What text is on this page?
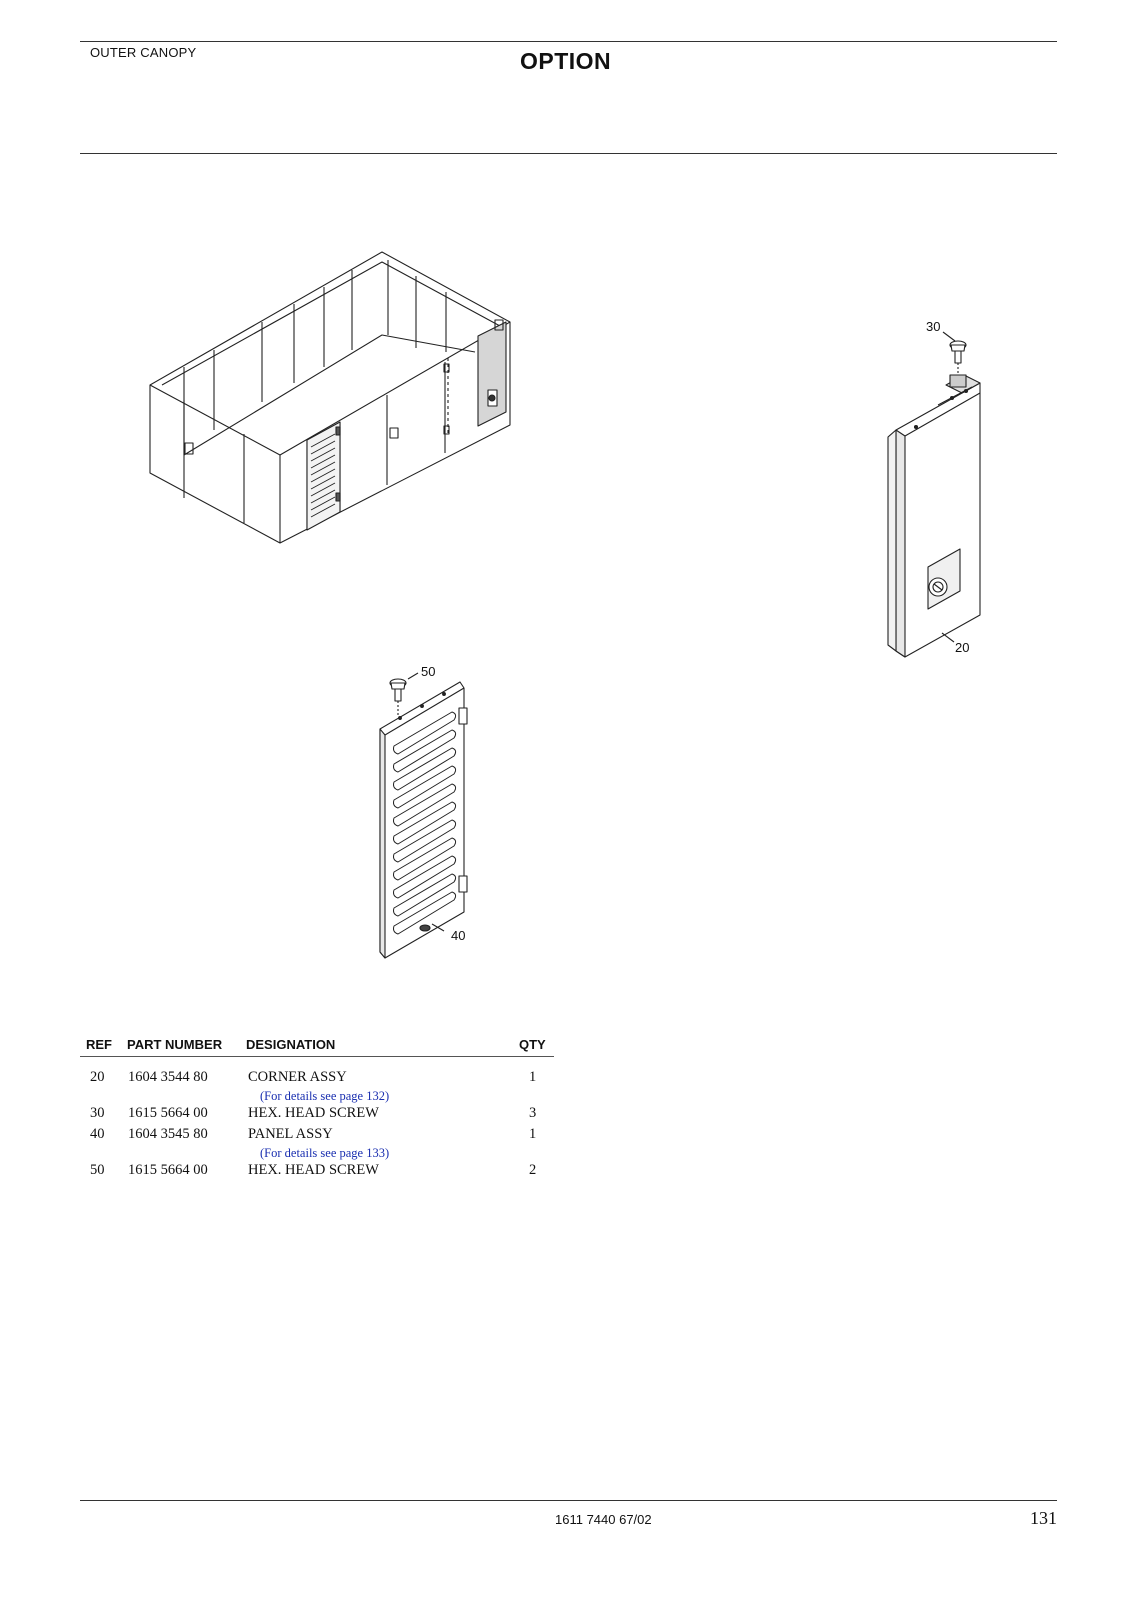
OUTER CANOPY	OPTION
30
20
50
40
REF PART NUMBER DESIGNATION	QTY
20 1604 3544 80	CORNER ASSY	1
(For details see page 132)
30 1615 5664 00	HEX. HEAD SCREW	3
40 1604 3545 80	PANEL ASSY	1
(For details see page 133)
50 1615 5664 00	HEX. HEAD SCREW	2
1611 7440 67/02	131
